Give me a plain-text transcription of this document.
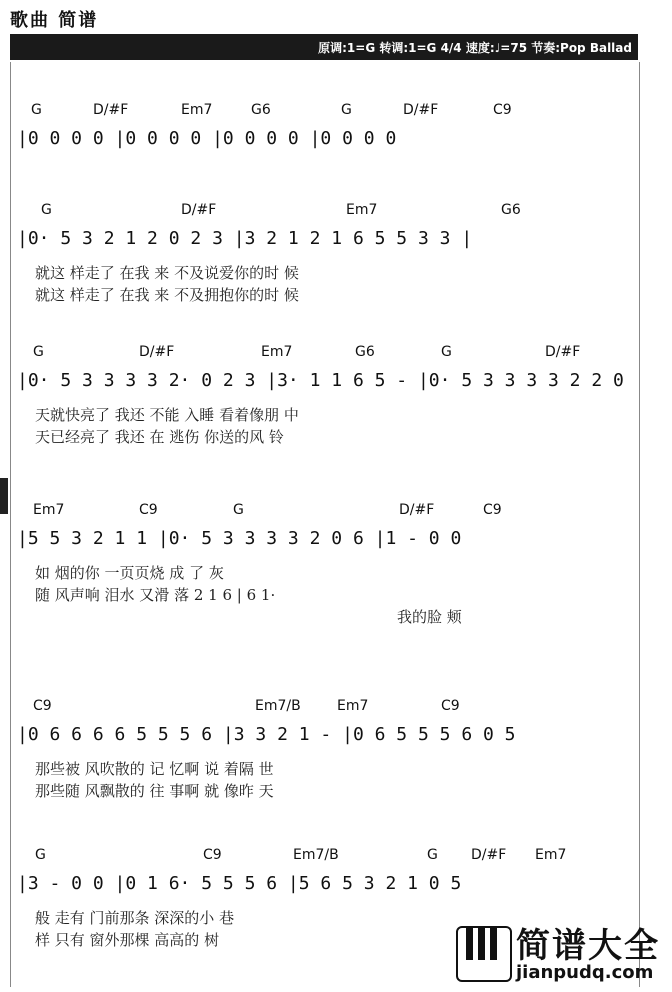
歌曲 简谱
原调:1=G 转调:1=G 4/4 速度:♩=75 节奏:Pop Ballad
G	D/#F	Em7	G6	G	D/#F	C9
|0 0 0 0 |0 0 0 0 |0 0 0 0 |0 0 0 0
G	D/#F	Em7	G6
|0· 5 3 2 1 2 0 2 3 |3 2 1 2 1 6 5 5 3 3 |
就这 样走了 在我 来 不及说爱你的时 候
就这 样走了 在我 来 不及拥抱你的时 候
G	D/#F	Em7	G6	G	D/#F
|0· 5 3 3 3 3 2· 0 2 3 |3· 1 1 6 5 - |0· 5 3 3 3 3 2 2 0
天就快亮了 我还 不能 入睡 看着像朋 中
天已经亮了 我还 在 逃伤 你送的风 铃
Em7	C9	G	D/#F	C9
|5 5 3 2 1 1 |0· 5 3 3 3 3 2 0 6 |1 - 0 0
如 烟的你 一页页烧 成 了 灰
随 风声响 泪水 又滑 落 2 1 6 | 6 1·
我的脸 颊
C9	Em7/B	Em7	C9
|0 6 6 6 6 5 5 5 6 |3 3 2 1 - |0 6 5 5 5 6 0 5
那些被 风吹散的 记 忆啊 说 着隔 世
那些随 风飘散的 往 事啊 就 像昨 天
G	C9	Em7/B	G D/#F Em7
|3 - 0 0 |0 1 6· 5 5 5 6 |5 6 5 3 2 1 0 5
般 走有 门前那条 深深的小 巷
样 只有 窗外那棵 高高的 树	简谱大全
jianpudq.com
